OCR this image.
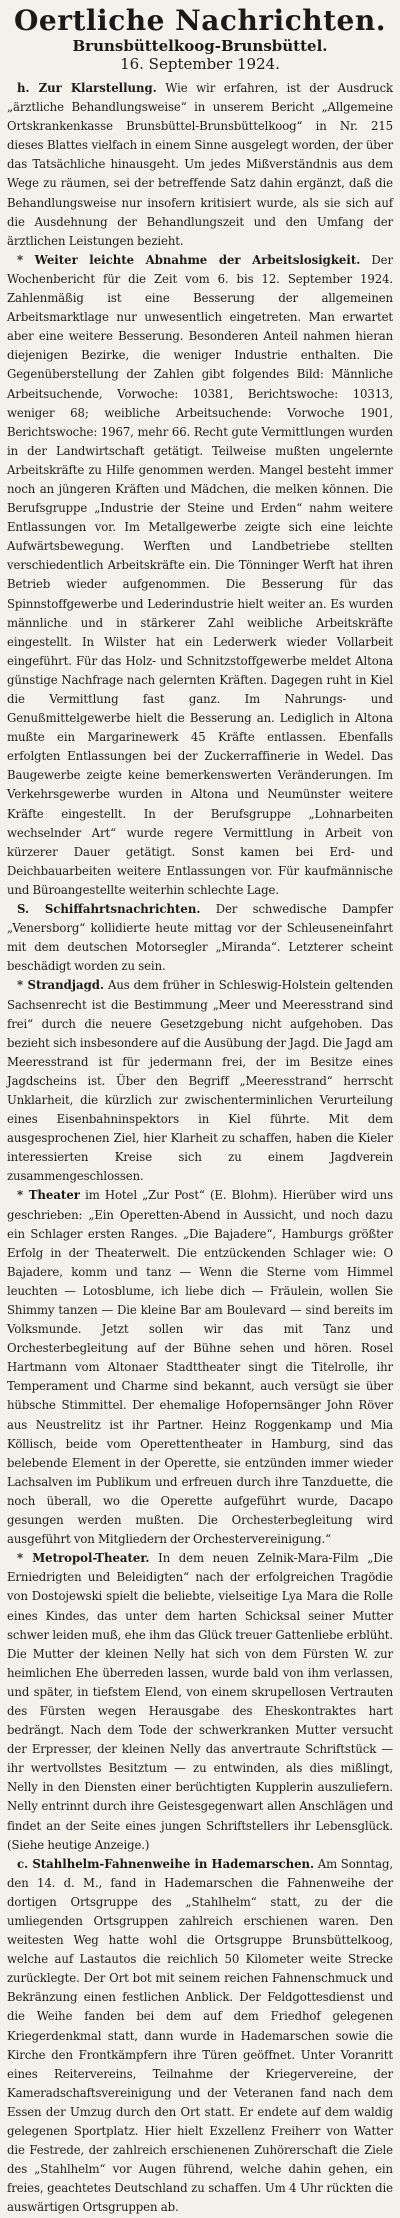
Oertliche Nachrichten.
Brunsbüttelkoog-Brunsbüttel.
16. September 1924.

h. Zur Klarstellung. Wie wir erfahren, ist der Ausdruck „ärztliche Behandlungsweise“ in unserem Bericht „Allgemeine Ortskrankenkasse Brunsbüttel-Brunsbüttelkoog“ in Nr. 215 dieses Blattes vielfach in einem Sinne ausgelegt worden, der über das Tatsächliche hinausgeht. Um jedes Mißverständnis aus dem Wege zu räumen, sei der betreffende Satz dahin ergänzt, daß die Behandlungsweise nur insofern kritisiert wurde, als sie sich auf die Ausdehnung der Behandlungszeit und den Umfang der ärztlichen Leistungen bezieht.

* Weiter leichte Abnahme der Arbeitslosigkeit. Der Wochenbericht für die Zeit vom 6. bis 12. September 1924. Zahlenmäßig ist eine Besserung der allgemeinen Arbeitsmarktlage nur unwesentlich eingetreten. Man erwartet aber eine weitere Besserung. Besonderen Anteil nahmen hieran diejenigen Bezirke, die weniger Industrie enthalten. Die Gegenüberstellung der Zahlen gibt folgendes Bild: Männliche Arbeitsuchende, Vorwoche: 10381, Berichtswoche: 10313, weniger 68; weibliche Arbeitsuchende: Vorwoche 1901, Berichtswoche: 1967, mehr 66. Recht gute Vermittlungen wurden in der Landwirtschaft getätigt. Teilweise mußten ungelernte Arbeitskräfte zu Hilfe genommen werden. Mangel besteht immer noch an jüngeren Kräften und Mädchen, die melken können. Die Berufsgruppe „Industrie der Steine und Erden“ nahm weitere Entlassungen vor. Im Metallgewerbe zeigte sich eine leichte Aufwärtsbewegung. Werften und Landbetriebe stellten verschiedentlich Arbeitskräfte ein. Die Tönninger Werft hat ihren Betrieb wieder aufgenommen. Die Besserung für das Spinnstoffgewerbe und Lederindustrie hielt weiter an. Es wurden männliche und in stärkerer Zahl weibliche Arbeitskräfte eingestellt. In Wilster hat ein Lederwerk wieder Vollarbeit eingeführt. Für das Holz- und Schnitzstoffgewerbe meldet Altona günstige Nachfrage nach gelernten Kräften. Dagegen ruht in Kiel die Vermittlung fast ganz. Im Nahrungs- und Genußmittelgewerbe hielt die Besserung an. Lediglich in Altona mußte ein Margarinewerk 45 Kräfte entlassen. Ebenfalls erfolgten Entlassungen bei der Zuckerraffinerie in Wedel. Das Baugewerbe zeigte keine bemerkenswerten Veränderungen. Im Verkehrsgewerbe wurden in Altona und Neumünster weitere Kräfte eingestellt. In der Berufsgruppe „Lohnarbeiten wechselnder Art“ wurde regere Vermittlung in Arbeit von kürzerer Dauer getätigt. Sonst kamen bei Erd- und Deichbauarbeiten weitere Entlassungen vor. Für kaufmännische und Büroangestellte weiterhin schlechte Lage.

S. Schiffahrtsnachrichten. Der schwedische Dampfer „Venersborg“ kollidierte heute mittag vor der Schleuseneinfahrt mit dem deutschen Motorsegler „Miranda“. Letzterer scheint beschädigt worden zu sein.

* Strandjagd. Aus dem früher in Schleswig-Holstein geltenden Sachsenrecht ist die Bestimmung „Meer und Meeresstrand sind frei“ durch die neuere Gesetzgebung nicht aufgehoben. Das bezieht sich insbesondere auf die Ausübung der Jagd. Die Jagd am Meeresstrand ist für jedermann frei, der im Besitze eines Jagdscheins ist. Über den Begriff „Meeresstrand“ herrscht Unklarheit, die kürzlich zur zwischenterminlichen Verurteilung eines Eisenbahninspektors in Kiel führte. Mit dem ausgesprochenen Ziel, hier Klarheit zu schaffen, haben die Kieler interessierten Kreise sich zu einem Jagdverein zusammengeschlossen.

* Theater im Hotel „Zur Post“ (E. Blohm). Hierüber wird uns geschrieben: „Ein Operetten-Abend in Aussicht, und noch dazu ein Schlager ersten Ranges. „Die Bajadere“, Hamburgs größter Erfolg in der Theaterwelt. Die entzückenden Schlager wie: O Bajadere, komm und tanz — Wenn die Sterne vom Himmel leuchten — Lotosblume, ich liebe dich — Fräulein, wollen Sie Shimmy tanzen — Die kleine Bar am Boulevard — sind bereits im Volksmunde. Jetzt sollen wir das mit Tanz und Orchesterbegleitung auf der Bühne sehen und hören. Rosel Hartmann vom Altonaer Stadttheater singt die Titelrolle, ihr Temperament und Charme sind bekannt, auch versügt sie über hübsche Stimmittel. Der ehemalige Hofopernsänger John Röver aus Neustrelitz ist ihr Partner. Heinz Roggenkamp und Mia Köllisch, beide vom Operettentheater in Hamburg, sind das belebende Element in der Operette, sie entzünden immer wieder Lachsalven im Publikum und erfreuen durch ihre Tanzduette, die noch überall, wo die Operette aufgeführt wurde, Dacapo gesungen werden mußten. Die Orchesterbegleitung wird ausgeführt von Mitgliedern der Orchestervereinigung.“

* Metropol-Theater. In dem neuen Zelnik-Mara-Film „Die Erniedrigten und Beleidigten“ nach der erfolgreichen Tragödie von Dostojewski spielt die beliebte, vielseitige Lya Mara die Rolle eines Kindes, das unter dem harten Schicksal seiner Mutter schwer leiden muß, ehe ihm das Glück treuer Gattenliebe erblüht. Die Mutter der kleinen Nelly hat sich von dem Fürsten W. zur heimlichen Ehe überreden lassen, wurde bald von ihm verlassen, und später, in tiefstem Elend, von einem skrupellosen Vertrauten des Fürsten wegen Herausgabe des Eheskontraktes hart bedrängt. Nach dem Tode der schwerkranken Mutter versucht der Erpresser, der kleinen Nelly das anvertraute Schriftstück — ihr wertvollstes Besitztum — zu entwinden, als dies mißlingt, Nelly in den Diensten einer berüchtigten Kupplerin auszuliefern. Nelly entrinnt durch ihre Geistesgegenwart allen Anschlägen und findet an der Seite eines jungen Schriftstellers ihr Lebensglück. (Siehe heutige Anzeige.)

c. Stahlhelm-Fahnenweihe in Hademarschen. Am Sonntag, den 14. d. M., fand in Hademarschen die Fahnenweihe der dortigen Ortsgruppe des „Stahlhelm“ statt, zu der die umliegenden Ortsgruppen zahlreich erschienen waren. Den weitesten Weg hatte wohl die Ortsgruppe Brunsbüttelkoog, welche auf Lastautos die reichlich 50 Kilometer weite Strecke zurücklegte. Der Ort bot mit seinem reichen Fahnenschmuck und Bekränzung einen festlichen Anblick. Der Feldgottesdienst und die Weihe fanden bei dem auf dem Friedhof gelegenen Kriegerdenkmal statt, dann wurde in Hademarschen sowie die Kirche den Frontkämpfern ihre Türen geöffnet. Unter Voranritt eines Reitervereins, Teilnahme der Kriegervereine, der Kameradschaftsvereinigung und der Veteranen fand nach dem Essen der Umzug durch den Ort statt. Er endete auf dem waldig gelegenen Sportplatz. Hier hielt Exzellenz Freiherr von Watter die Festrede, der zahlreich erschienenen Zuhörerschaft die Ziele des „Stahlhelm“ vor Augen führend, welche dahin gehen, ein freies, geachtetes Deutschland zu schaffen. Um 4 Uhr rückten die auswärtigen Ortsgruppen ab.
